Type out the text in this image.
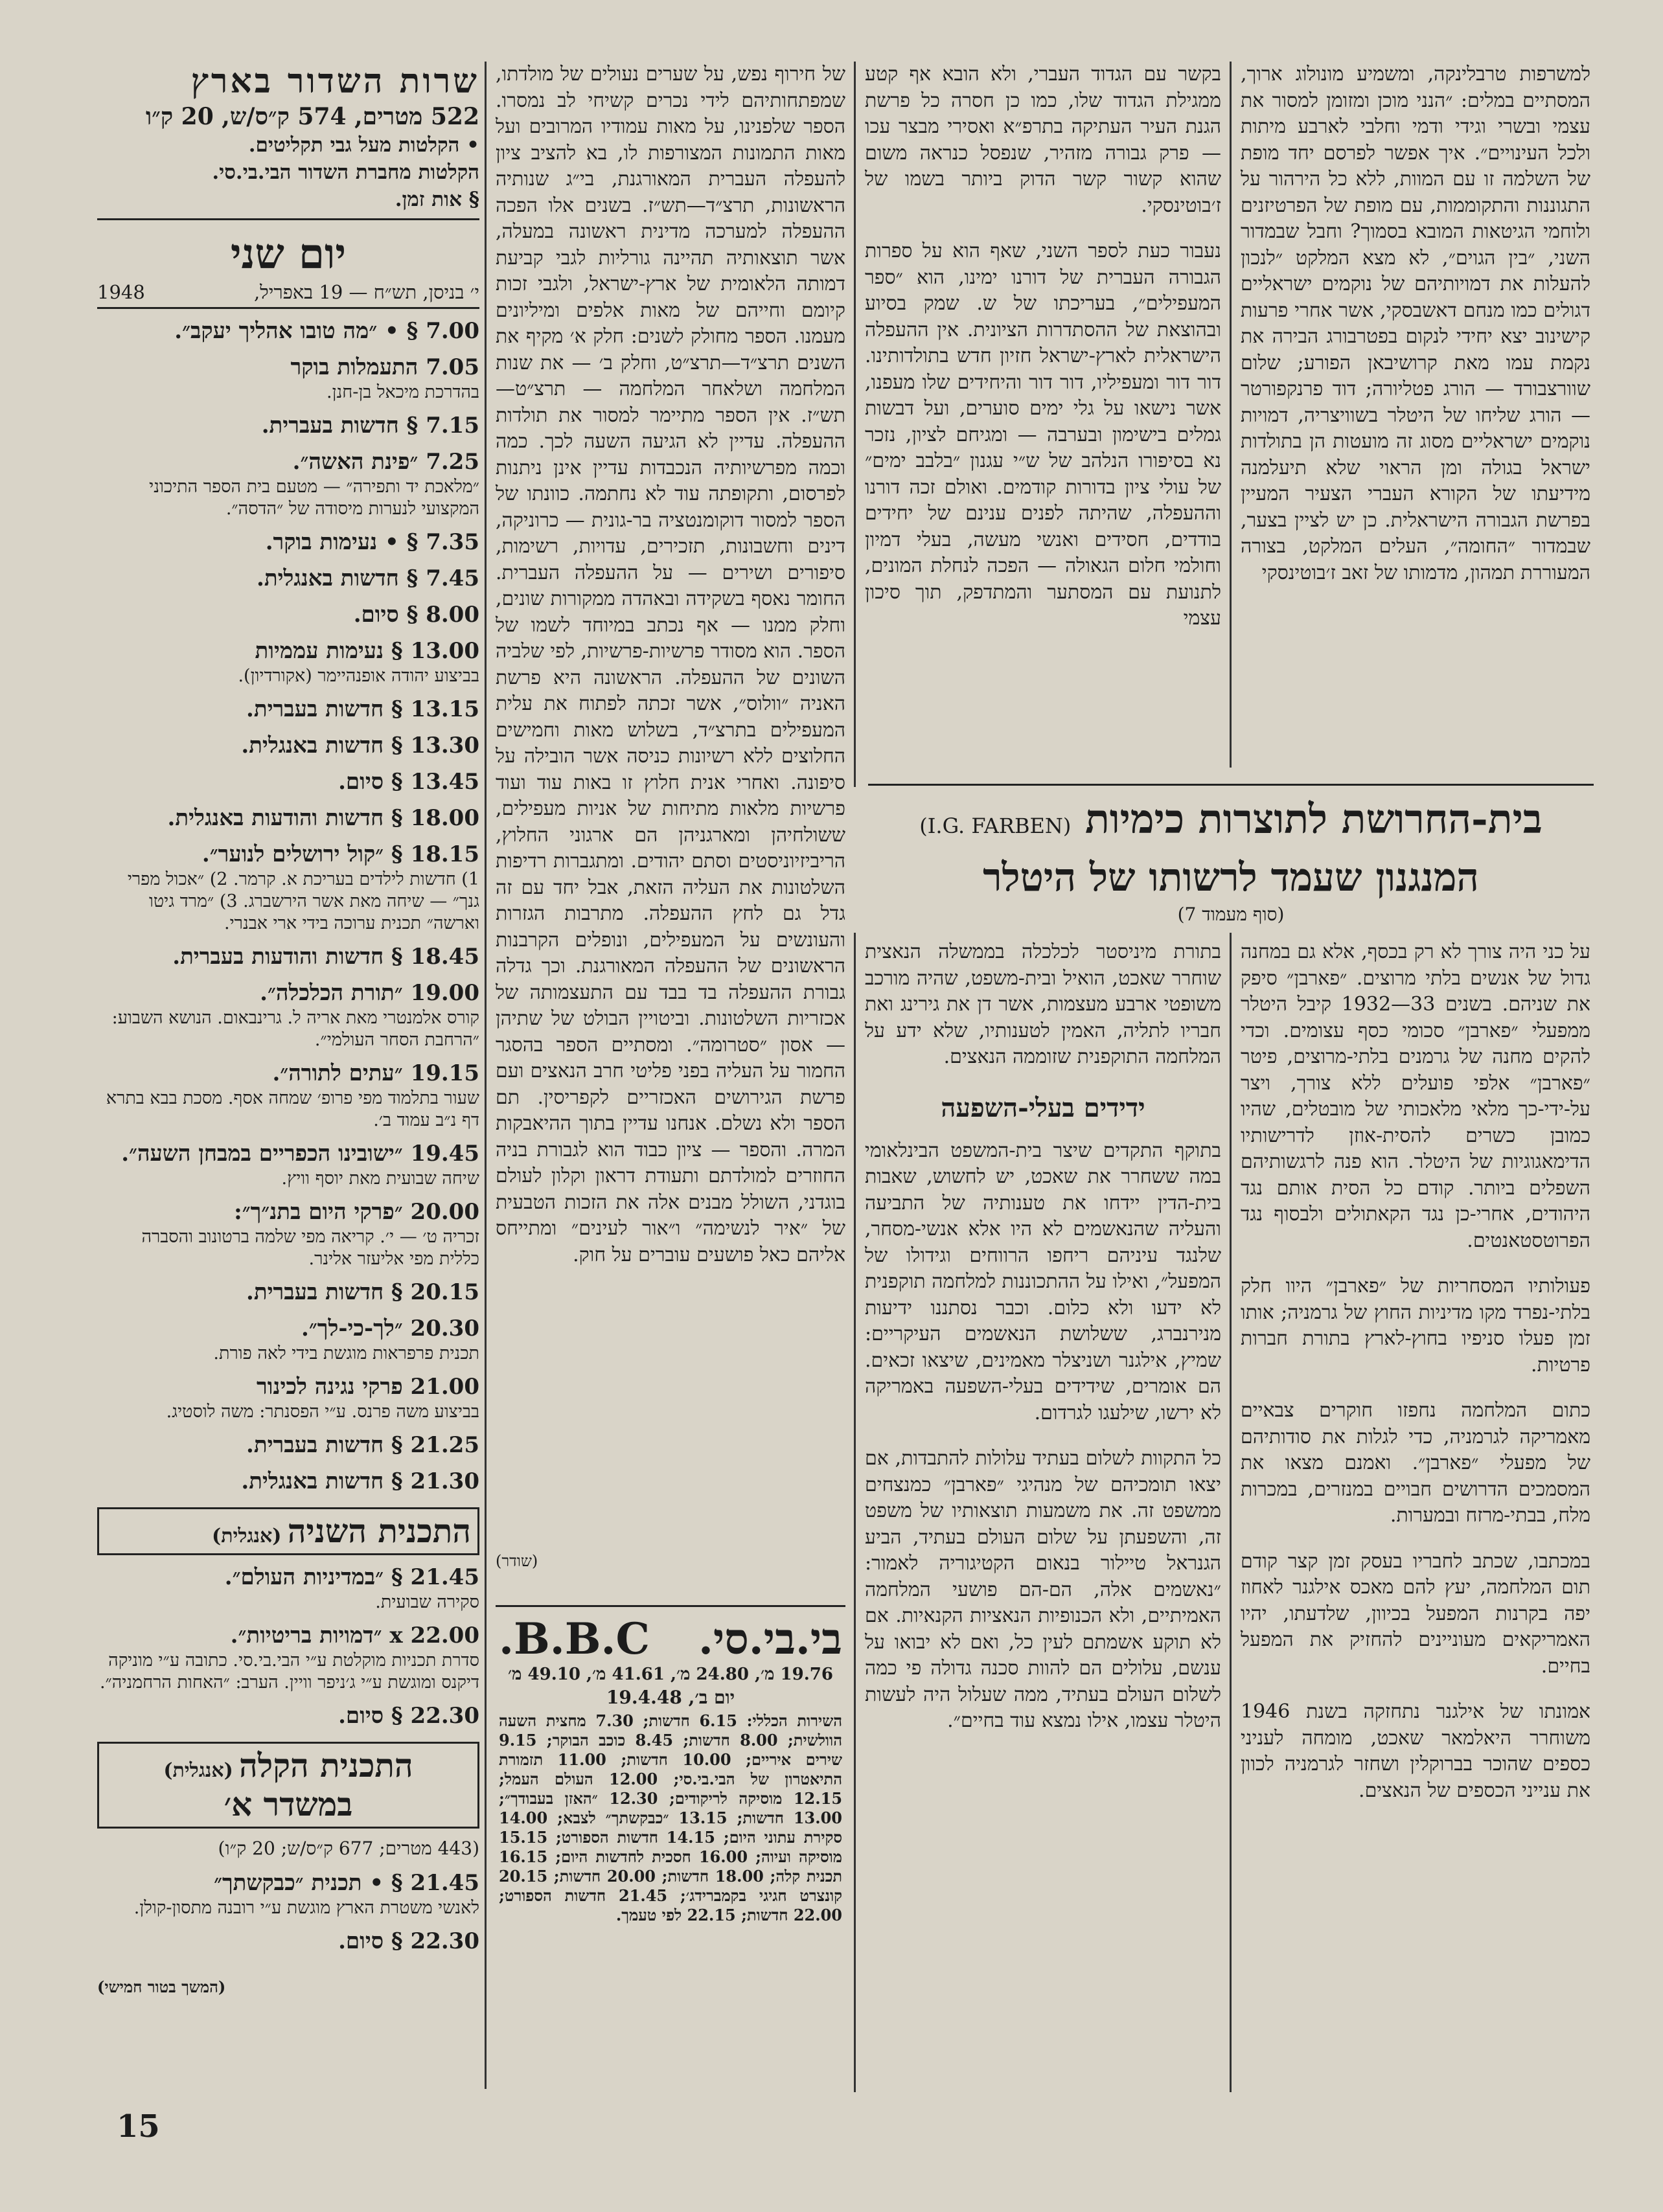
שרות השדור בארץ
522 מטרים, 574 ק״ס/ש, 20 ק״ו
• הקלטות מעל גבי תקליטים.
הקלטות מחברת השדור הבי.בי.סי.
§ אות זמן.
יום שני
י׳ בניסן, תש״ח — 19 באפריל,
1948
7.00 § • ״מה טובו אהליך יעקב״.
7.05 התעמלות בוקר
בהדרכת מיכאל בן-חנן.
7.15 § חדשות בעברית.
7.25 ״פינת האשה״.
״מלאכת יד ותפירה״ — מטעם בית הספר התיכוני המקצועי לנערות מיסודה של ״הדסה״.
7.35 § • נעימות בוקר.
7.45 § חדשות באנגלית.
8.00 § סיום.
13.00 § נעימות עממיות
בביצוע יהודה אופנהיימר (אקורדיון).
13.15 § חדשות בעברית.
13.30 § חדשות באנגלית.
13.45 § סיום.
18.00 § חדשות והודעות באנגלית.
18.15 § ״קול ירושלים לנוער״.
1) חדשות לילדים בעריכת א. קרמר. 2) ״אכול מפרי גנך״ — שיחה מאת אשר הירשברג. 3) ״מרד גיטו וארשה״ תכנית ערוכה בידי ארי אבנרי.
18.45 § חדשות והודעות בעברית.
19.00 ״תורת הכלכלה״.
קורס אלמנטרי מאת אריה ל. גרינבאום. הנושא השבוע: ״הרחבת הסחר העולמי״.
19.15 ״עתים לתורה״.
שעור בתלמוד מפי פרופ׳ שמחה אסף. מסכת בבא בתרא דף נ״ב עמוד ב׳.
19.45 ״ישובינו הכפריים במבחן השעה״.
שיחה שבועית מאת יוסף וויץ.
20.00 ״פרקי היום בתנ״ך״:
זכריה ט׳ — י׳. קריאה מפי שלמה ברטונוב והסברה כללית מפי אליעזר אלינר.
20.15 § חדשות בעברית.
20.30 ״לך-כי-לך״.
תכנית פרפראות מוגשת בידי לאה פורת.
21.00 פרקי נגינה לכינור
בביצוע משה פרנס. ע״י הפסנתר: משה לוסטיג.
21.25 § חדשות בעברית.
21.30 § חדשות באנגלית.
התכנית השניה (אנגלית)
21.45 § ״במדיניות העולם״.
סקירה שבועית.
22.00 x ״דמויות בריטיות״.
סדרת תכניות מוקלטת ע״י הבי.בי.סי. כתובה ע״י מוניקה דיקנס ומוגשת ע״י ג׳ניפר וויין. הערב: ״האחות הרחמניה״.
22.30 § סיום.
התכנית הקלה (אנגלית)
במשדר א׳
(443 מטרים; 677 ק״ס/ש; 20 ק״ו)
21.45 § • תכנית ״כבקשתך״
לאנשי משטרת הארץ מוגשת ע״י רובנה מתסון-קולן.
22.30 § סיום.
(המשך בטור חמישי)

למשרפות טרבלינקה, ומשמיע מונולוג ארוך, המסתיים במלים: ״הנני מוכן ומזומן למסור את עצמי ובשרי וגידי ודמי וחלבי לארבע מיתות ולכל העינויים״. איך אפשר לפרסם יחד מופת של השלמה זו עם המוות, ללא כל הירהור על התגוננות והתקוממות, עם מופת של הפרטיזנים ולוחמי הגיטאות המובא בסמוך? וחבל שבמדור השני, ״בין הגוים״, לא מצא המלקט ״לנכון להעלות את דמויותיהם של נוקמים ישראליים דגולים כמו מנחם דאשבסקי, אשר אחרי פרעות קישינוב יצא יחידי לנקום בפטרבורג הבירה את נקמת עמו מאת קרושיבאן הפורע; שלום שוורצבורד — הורג פטליורה; דוד פרנקפורטר — הורג שליחו של היטלר בשוויצריה, דמויות נוקמים ישראליים מסוג זה מועטות הן בתולדות ישראל בגולה ומן הראוי שלא תיעלמנה מידיעתו של הקורא העברי הצעיר המעיין בפרשת הגבורה הישראלית. כן יש לציין בצער, שבמדור ״החומה״, העלים המלקט, בצורה המעוררת תמהון, מדמותו של זאב ז׳בוטינסקי

בקשר עם הגדוד העברי, ולא הובא אף קטע ממגילת הגדוד שלו, כמו כן חסרה כל פרשת הגנת העיר העתיקה בתרפ״א ואסירי מבצר עכו — פרק גבורה מזהיר, שנפסל כנראה משום שהוא קשור קשר הדוק ביותר בשמו של ז׳בוטינסקי.

נעבור כעת לספר השני, שאף הוא על ספרות הגבורה העברית של דורנו ימינו, הוא ״ספר המעפילים״, בעריכתו של ש. שמק בסיוע ובהוצאת של ההסתדרות הציונית. אין ההעפלה הישראלית לארץ-ישראל חזיון חדש בתולדותינו. דור דור ומעפיליו, דור דור והיחידים שלו מעפנו, אשר נישאו על גלי ימים סוערים, ועל דבשות גמלים בישימון ובערבה — ומגיחם לציון, נזכר נא בסיפורו הנלהב של ש״י עגנון ״בלבב ימים״ של עולי ציון בדורות קודמים. ואולם זכה דורנו וההעפלה, שהיתה לפנים ענינם של יחידים בודדים, חסידים ואנשי מעשה, בעלי דמיון וחולמי חלום הגאולה — הפכה לנחלת המונים, לתנועת עם המסתער והמתדפק, תוך סיכון עצמי

של חירוף נפש, על שערים נעולים של מולדתו, שמפתחותיהם לידי נכרים קשיחי לב נמסרו. הספר שלפנינו, על מאות עמודיו המרובים ועל מאות התמונות המצורפות לו, בא להציב ציון להעפלה העברית המאורגנת, בי״ג שנותיה הראשונות, תרצ״ד—תש״ז. בשנים אלו הפכה ההעפלה למערכה מדינית ראשונה במעלה, אשר תוצאותיה תהיינה גורליות לגבי קביעת דמותה הלאומית של ארץ-ישראל, ולגבי זכות קיומם וחייהם של מאות אלפים ומיליונים מעמנו. הספר מחולק לשנים: חלק א׳ מקיף את השנים תרצ״ד—תרצ״ט, וחלק ב׳ — את שנות המלחמה ושלאחר המלחמה — תרצ״ט—תש״ז. אין הספר מתיימר למסור את תולדות ההעפלה. עדיין לא הגיעה השעה לכך. כמה וכמה מפרשיותיה הנכבדות עדיין אינן ניתנות לפרסום, ותקופתה עוד לא נחתמה. כוונתו של הספר למסור דוקומנטציה בר-גונית — כרוניקה, דינים וחשבונות, תזכירים, עדויות, רשימות, סיפורים ושירים — על ההעפלה העברית. החומר נאסף בשקידה ובאהדה ממקורות שונים, וחלק ממנו — אף נכתב במיוחד לשמו של הספר. הוא מסודר פרשיות-פרשיות, לפי שלביה השונים של ההעפלה. הראשונה היא פרשת האניה ״וולוס״, אשר זכתה לפתוח את עלית המעפילים בתרצ״ד, בשלוש מאות וחמישים החלוצים ללא רשיונות כניסה אשר הובילה על סיפונה. ואחרי אנית חלוץ זו באות עוד ועוד פרשיות מלאות מתיחות של אניות מעפילים, ששולחיהן ומארגניהן הם ארגוני החלוץ, הריביזיוניסטים וסתם יהודים. ומתגברות רדיפות השלטונות את העליה הזאת, אבל יחד עם זה גדל גם לחץ ההעפלה. מתרבות הגזרות והעונשים על המעפילים, ונופלים הקרבנות הראשונים של ההעפלה המאורגנת. וכך גדלה גבורת ההעפלה בד בבד עם התעצמותה של אכזריות השלטונות. וביטויין הבולט של שתיהן — אסון ״סטרומה״. ומסתיים הספר בהסגר החמור על העליה בפני פליטי חרב הנאצים ועם פרשת הגירושים האכזריים לקפריסין. תם הספר ולא נשלם. אנחנו עדיין בתוך ההיאבקות המרה. והספר — ציון כבוד הוא לגבורת בניה החוזרים למולדתם ותעודת דראון וקלון לעולם בוגדני, השולל מבנים אלה את הזכות הטבעית של ״איר לנשימה״ ו״אור לעינים״ ומתייחס אליהם כאל פושעים עוברים על חוק.

(שודר)
בית-החרושת לתוצרות כימיות (I.G. FARBEN)
המנגנון שעמד לרשותו של היטלר
(סוף מעמוד 7)

על כני היה צורך לא רק בכסף, אלא גם במחנה גדול של אנשים בלתי מרוצים. ״פארבן״ סיפק את שניהם. בשנים 33—1932 קיבל היטלר ממפעלי ״פארבן״ סכומי כסף עצומים. וכדי להקים מחנה של גרמנים בלתי-מרוצים, פיטר ״פארבן״ אלפי פועלים ללא צורך, ויצר על-ידי-כך מלאי מלאכותי של מובטלים, שהיו כמובן כשרים להסית-אוזן לדרישותיו הדימאגוגיות של היטלר. הוא פנה לרגשותיהם השפלים ביותר. קודם כל הסית אותם נגד היהודים, אחרי-כן נגד הקאתולים ולבסוף נגד הפרוטסטאנטים.

פעולותיו המסחריות של ״פארבן״ היוו חלק בלתי-נפרד מקו מדיניות החוץ של גרמניה; אותו זמן פעלו סניפיו בחוץ-לארץ בתורת חברות פרטיות.

כתום המלחמה נחפזו חוקרים צבאיים מאמריקה לגרמניה, כדי לגלות את סודותיהם של מפעלי ״פארבן״. ואמנם מצאו את המסמכים הדרושים חבויים במנזרים, במכרות מלח, בבתי-מרזח ובמערות.

במכתבו, שכתב לחבריו בעסק זמן קצר קודם תום המלחמה, יעץ להם מאכס אילגנר לאחוז יפה בקרנות המפעל בכיוון, שלדעתו, יהיו האמריקאים מעוניינים להחזיק את המפעל בחיים.

אמונתו של אילגנר נתחזקה בשנת 1946 משוחרר היאלמאר שאכט, מומחה לעניני כספים שהוכר בברוקלין ושחזר לגרמניה לכוון את ענייני הכספים של הנאצים.

בתורת מיניסטר לכלכלה בממשלה הנאצית שוחרר שאכט, הואיל ובית-משפט, שהיה מורכב משופטי ארבע מעצמות, אשר דן את גירינג ואת חבריו לתליה, האמין לטענותיו, שלא ידע על המלחמה התוקפנית שזוממה הנאצים.

ידידים בעלי-השפעה

בתוקף התקדים שיצר בית-המשפט הבינלאומי במה ששחרר את שאכט, יש לחשוש, שאבות בית-הדין יידחו את טענותיה של התביעה והעליה שהנאשמים לא היו אלא אנשי-מסחר, שלנגד עיניהם ריחפו הרווחים וגידולו של המפעל״, ואילו על ההתכוננות למלחמה תוקפנית לא ידעו ולא כלום. וכבר נסתננו ידיעות מנירנברג, ששלושת הנאשמים העיקריים: שמיץ, אילגנר ושניצלר מאמינים, שיצאו זכאים. הם אומרים, שידידים בעלי-השפעה באמריקה לא ירשו, שילעגו לגרדום.

כל התקוות לשלום בעתיד עלולות להתבדות, אם יצאו תומכיהם של מנהיגי ״פארבן״ כמנצחים ממשפט זה. את משמעות תוצאותיו של משפט זה, והשפעתן על שלום העולם בעתיד, הביע הגנראל טיילור בנאום הקטיגוריה לאמור: ״נאשמים אלה, הם-הם פושעי המלחמה האמיתיים, ולא הכנופיות הנאציות הקנאיות. אם לא תוקע אשמתם לעין כל, ואם לא יבואו על ענשם, עלולים הם להוות סכנה גדולה פי כמה לשלום העולם בעתיד, ממה שעלול היה לעשות היטלר עצמו, אילו נמצא עוד בחיים״.

בי.בי.סי.
B.B.C.
19.76 מ׳, 24.80 מ׳, 41.61 מ׳, 49.10 מ׳
יום ב׳, 19.4.48
השירות הכללי: 6.15 חדשות; 7.30 מחצית השעה הוולשית; 8.00 חדשות; 8.45 כוכב הבוקר; 9.15 שירים איריים; 10.00 חדשות; 11.00 תזמורת התיאטרון של הבי.בי.סי; 12.00 העולם העמל; 12.15 מוסיקה לריקודים; 12.30 ״האזן בעבודך״; 13.00 חדשות; 13.15 ״כבקשתך״ לצבא; 14.00 סקירת עתוני היום; 14.15 חדשות הספורט; 15.15 מוסיקה ועיוה; 16.00 חסכית לחדשות היום; 16.15 תכנית קלה; 18.00 חדשות; 20.00 חדשות; 20.15 קונצרט חגיגי בקמברידג׳; 21.45 חדשות הספורט; 22.00 חדשות; 22.15 לפי טעמך.
15
